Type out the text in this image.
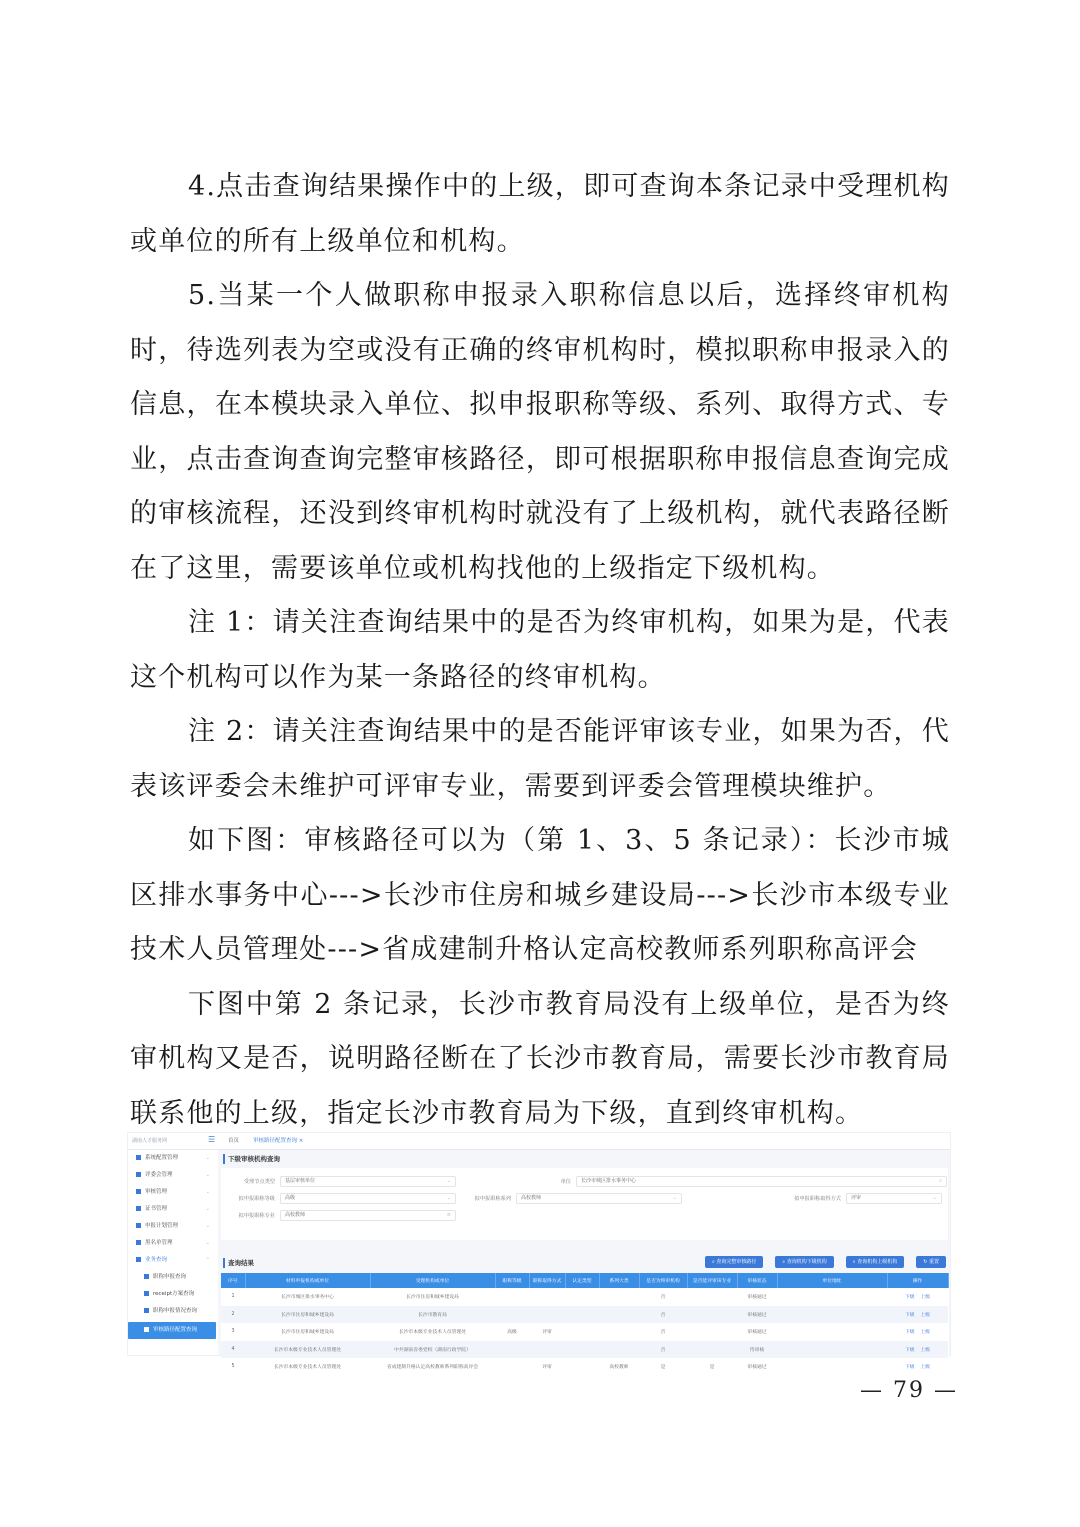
4.点击查询结果操作中的上级，即可查询本条记录中受理机构或单位的所有上级单位和机构。

5.当某一个人做职称申报录入职称信息以后，选择终审机构时，待选列表为空或没有正确的终审机构时，模拟职称申报录入的信息，在本模块录入单位、拟申报职称等级、系列、取得方式、专业，点击查询查询完整审核路径，即可根据职称申报信息查询完成的审核流程，还没到终审机构时就没有了上级机构，就代表路径断在了这里，需要该单位或机构找他的上级指定下级机构。

注 1：请关注查询结果中的是否为终审机构，如果为是，代表这个机构可以作为某一条路径的终审机构。

注 2：请关注查询结果中的是否能评审该专业，如果为否，代表该评委会未维护可评审专业，需要到评委会管理模块维护。

如下图：审核路径可以为（第 1、3、5 条记录）：长沙市城区排水事务中心--->长沙市住房和城乡建设局--->长沙市本级专业技术人员管理处--->省成建制升格认定高校教师系列职称高评会

下图中第 2 条记录，长沙市教育局没有上级单位，是否为终审机构又是否，说明路径断在了长沙市教育局，需要长沙市教育局联系他的上级，指定长沙市教育局为下级，直到终审机构。

湖南人才服务网	☰ 首页	审核路径配置查询 ×
系统配置管理	⌄
评委会管理	⌄
审核管理	⌄
证书管理	⌄
申报计划管理	⌄
黑名单管理	⌄
业务查询	⌃
职称申报查询
receipt方案查询
职称申报情况查询
审核路径配置查询
下级审核机构查询
受理节点类型	基层审核单位	⌄	单位	长沙市城区排水事务中心	⌕
拟申报职称等级	高级	⌄	拟申报职称系列	高校教师	⌄	拟申报职称取得方式	评审	⌄
拟申报职称专业	高校教师	≡
查询结果	⌕ 查询完整审核路径	⌕ 查询机构下级机构	⌕ 查询机构上级机构	↻ 重置
序号	材料申报机构或单位	受理机构或单位	职称等级	职称取得方式	认定类型	系列大类	是否为终审机构	是否能评审该专业	审核状态	单位地址	操作
1	长沙市城区排水事务中心	长沙市住房和城乡建设局					否		审核通过		下级 上级
2	长沙市住房和城乡建设局	长沙市教育局					否		审核通过		下级 上级
3	长沙市住房和城乡建设局	长沙市本级专业技术人员管理处	高级	评审			否		审核通过		下级 上级
4	长沙市本级专业技术人员管理处	中共湖南省委党校（湖南行政学院）					否		待审核		下级 上级
5	长沙市本级专业技术人员管理处	省成建制升格认定高校教师系列职称高评会		评审		高校教师	是	是	审核通过		下级 上级
— 79 —
